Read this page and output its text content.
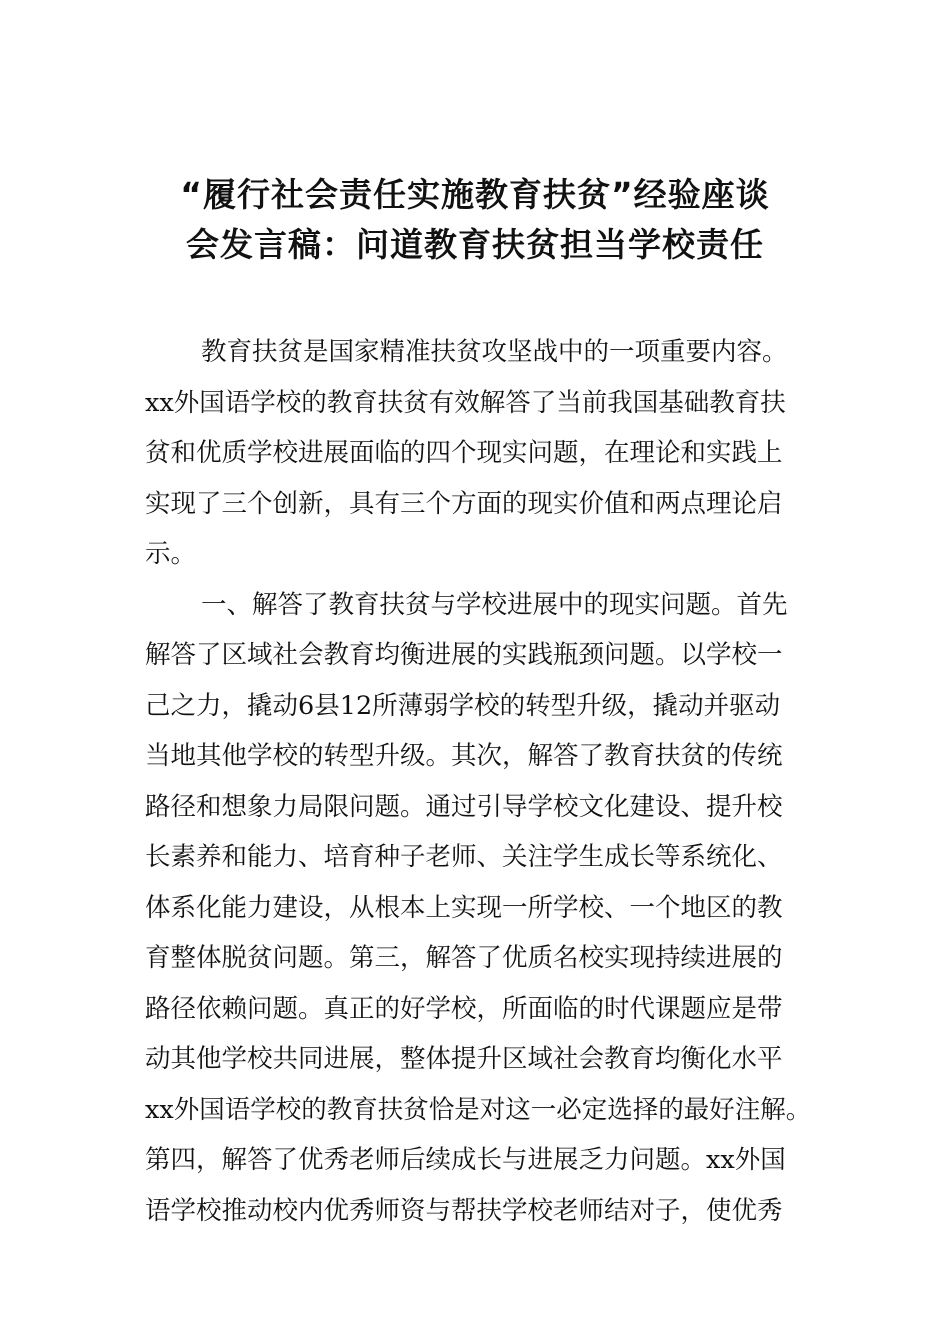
“履行社会责任实施教育扶贫”经验座谈
会发言稿：问道教育扶贫担当学校责任
教育扶贫是国家精准扶贫攻坚战中的一项重要内容。
xx外国语学校的教育扶贫有效解答了当前我国基础教育扶
贫和优质学校进展面临的四个现实问题，在理论和实践上
实现了三个创新，具有三个方面的现实价值和两点理论启
示。
一、解答了教育扶贫与学校进展中的现实问题。首先
解答了区域社会教育均衡进展的实践瓶颈问题。以学校一
己之力，撬动6县12所薄弱学校的转型升级，撬动并驱动
当地其他学校的转型升级。其次，解答了教育扶贫的传统
路径和想象力局限问题。通过引导学校文化建设、提升校
长素养和能力、培育种子老师、关注学生成长等系统化、
体系化能力建设，从根本上实现一所学校、一个地区的教
育整体脱贫问题。第三，解答了优质名校实现持续进展的
路径依赖问题。真正的好学校，所面临的时代课题应是带
动其他学校共同进展，整体提升区域社会教育均衡化水平
xx外国语学校的教育扶贫恰是对这一必定选择的最好注解。
第四，解答了优秀老师后续成长与进展乏力问题。xx外国
语学校推动校内优秀师资与帮扶学校老师结对子，使优秀
